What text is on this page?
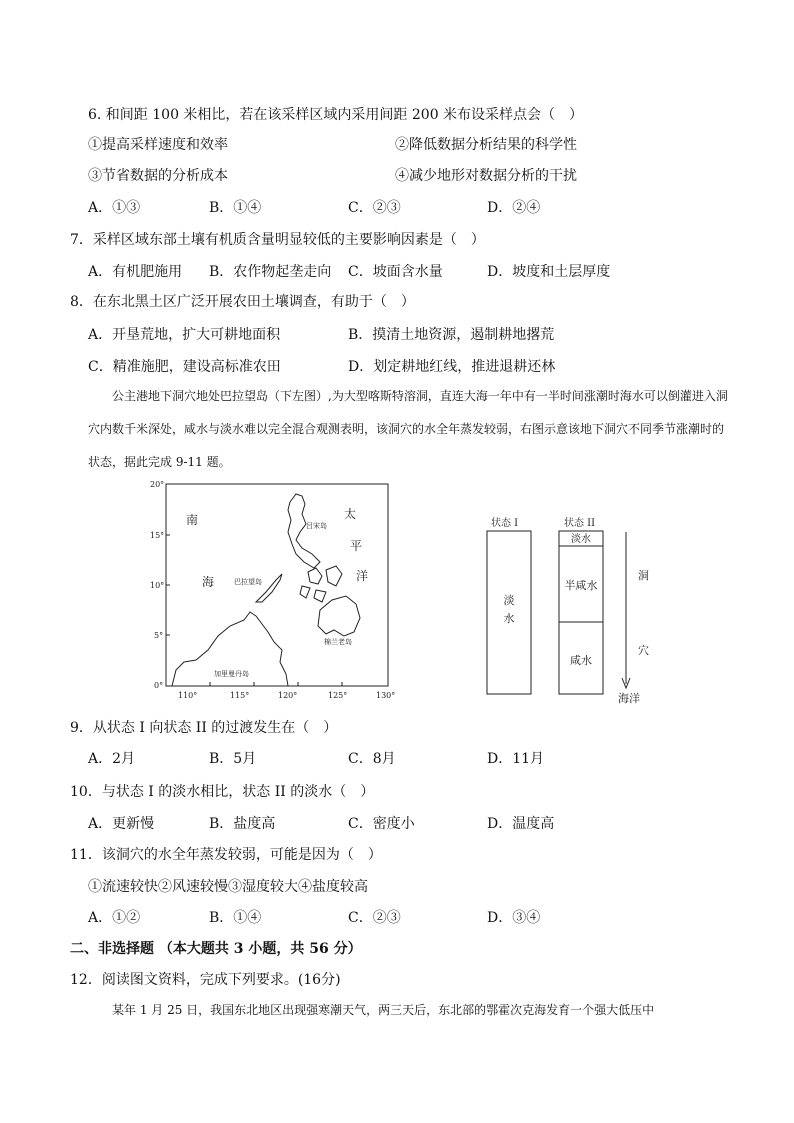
6. 和间距 100 米相比，若在该采样区域内采用间距 200 米布设采样点会（　）
①提高采样速度和效率	②降低数据分析结果的科学性
③节省数据的分析成本	④减少地形对数据分析的干扰
A．①③	B．①④	C．②③	D．②④
7．采样区域东部土壤有机质含量明显较低的主要影响因素是（　）
A．有机肥施用 B．农作物起垄走向 C．坡面含水量	D．坡度和土层厚度
8．在东北黑土区广泛开展农田土壤调查，有助于（　）
A．开垦荒地，扩大可耕地面积	B．摸清土地资源，遏制耕地撂荒
C．精准施肥，建设高标准农田	D．划定耕地红线，推进退耕还林
公主港地下洞穴地处巴拉望岛（下左图）,为大型喀斯特溶洞，直连大海一年中有一半时间涨潮时海水可以倒灌进入洞穴内数千米深处，咸水与淡水难以完全混合观测表明，该洞穴的水全年蒸发较弱，右图示意该地下洞穴不同季节涨潮时的状态，据此完成 9-11 题。
20°
15°
10°
5°
0°
110°	115°	120°	125°	130°
南
海
太
平
洋
吕宋岛
巴拉望岛
棉兰老岛
加里曼丹岛
状态 I	状态 II
淡
水
淡水
半咸水
咸水
洞
穴
海洋
9．从状态 I 向状态 II 的过渡发生在（　）
A．2月	B．5月	C．8月	D．11月
10．与状态 I 的淡水相比，状态 II 的淡水（　）
A．更新慢	B．盐度高	C．密度小	D．温度高
11．该洞穴的水全年蒸发较弱，可能是因为（　）
①流速较快②风速较慢③湿度较大④盐度较高
A．①②	B．①④	C．②③	D．③④
二、非选择题 （本大题共 3 小题，共 56 分）
12．阅读图文资料，完成下列要求。(16分)
某年 1 月 25 日，我国东北地区出现强寒潮天气，两三天后，东北部的鄂霍次克海发育一个强大低压中
